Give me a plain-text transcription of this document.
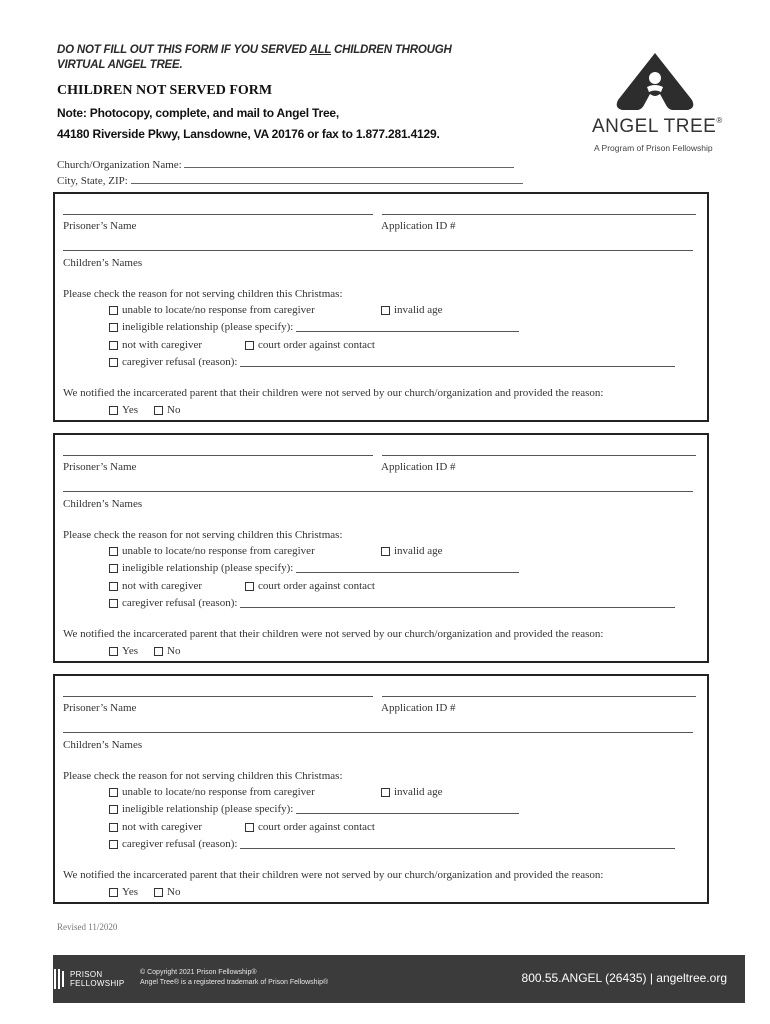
DO NOT FILL OUT THIS FORM IF YOU SERVED ALL CHILDREN THROUGH
VIRTUAL ANGEL TREE.
CHILDREN NOT SERVED FORM
Note: Photocopy, complete, and mail to Angel Tree,
44180 Riverside Pkwy, Lansdowne, VA 20176 or fax to 1.877.281.4129.	ANGEL TREE®
A Program of Prison Fellowship
Church/Organization Name:
City, State, ZIP:
Prisoner’s Name	Application ID #
Children’s Names
Please check the reason for not serving children this Christmas:
unable to locate/no response from caregiver	invalid age
ineligible relationship (please specify):
not with caregiver	court order against contact
caregiver refusal (reason):
We notified the incarcerated parent that their children were not served by our church/organization and provided the reason:
Yes	No
Prisoner’s Name	Application ID #
Children’s Names
Please check the reason for not serving children this Christmas:
unable to locate/no response from caregiver	invalid age
ineligible relationship (please specify):
not with caregiver	court order against contact
caregiver refusal (reason):
We notified the incarcerated parent that their children were not served by our church/organization and provided the reason:
Yes	No
Prisoner’s Name	Application ID #
Children’s Names
Please check the reason for not serving children this Christmas:
unable to locate/no response from caregiver	invalid age
ineligible relationship (please specify):
not with caregiver	court order against contact
caregiver refusal (reason):
We notified the incarcerated parent that their children were not served by our church/organization and provided the reason:
Yes	No
Revised 11/2020
PRISON
FELLOWSHIP
© Copyright 2021 Prison Fellowship®
Angel Tree® is a registered trademark of Prison Fellowship®	800.55.ANGEL (26435) | angeltree.org
